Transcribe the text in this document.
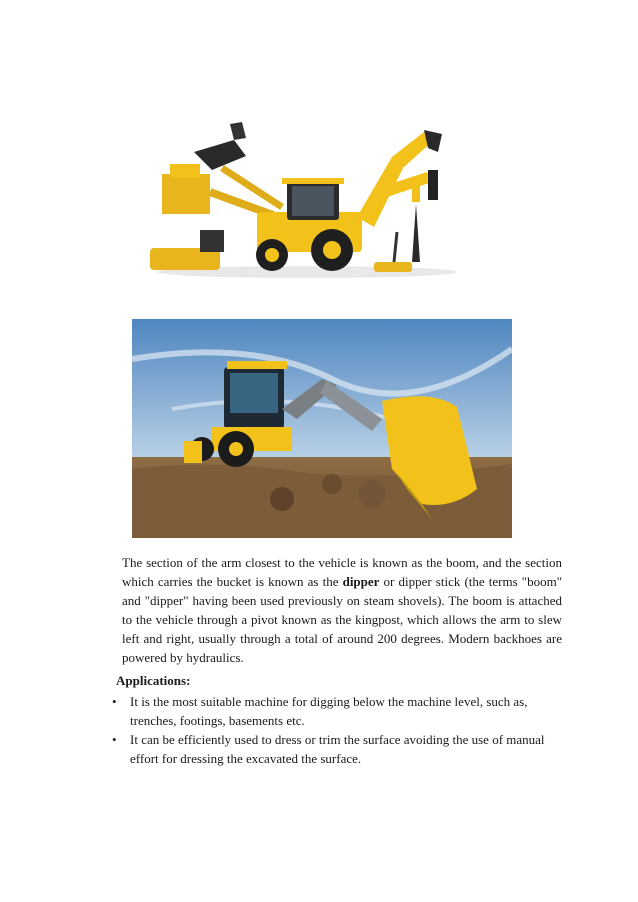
The section of the arm closest to the vehicle is known as the boom, and the section which carries the bucket is known as the dipper or dipper stick (the terms "boom" and "dipper" having been used previously on steam shovels). The boom is attached to the vehicle through a pivot known as the kingpost, which allows the arm to slew left and right, usually through a total of around 200 degrees. Modern backhoes are powered by hydraulics.

Applications:

• It is the most suitable machine for digging below the machine level, such as, trenches, footings, basements etc.
• It can be efficiently used to dress or trim the surface avoiding the use of manual effort for dressing the excavated the surface.
